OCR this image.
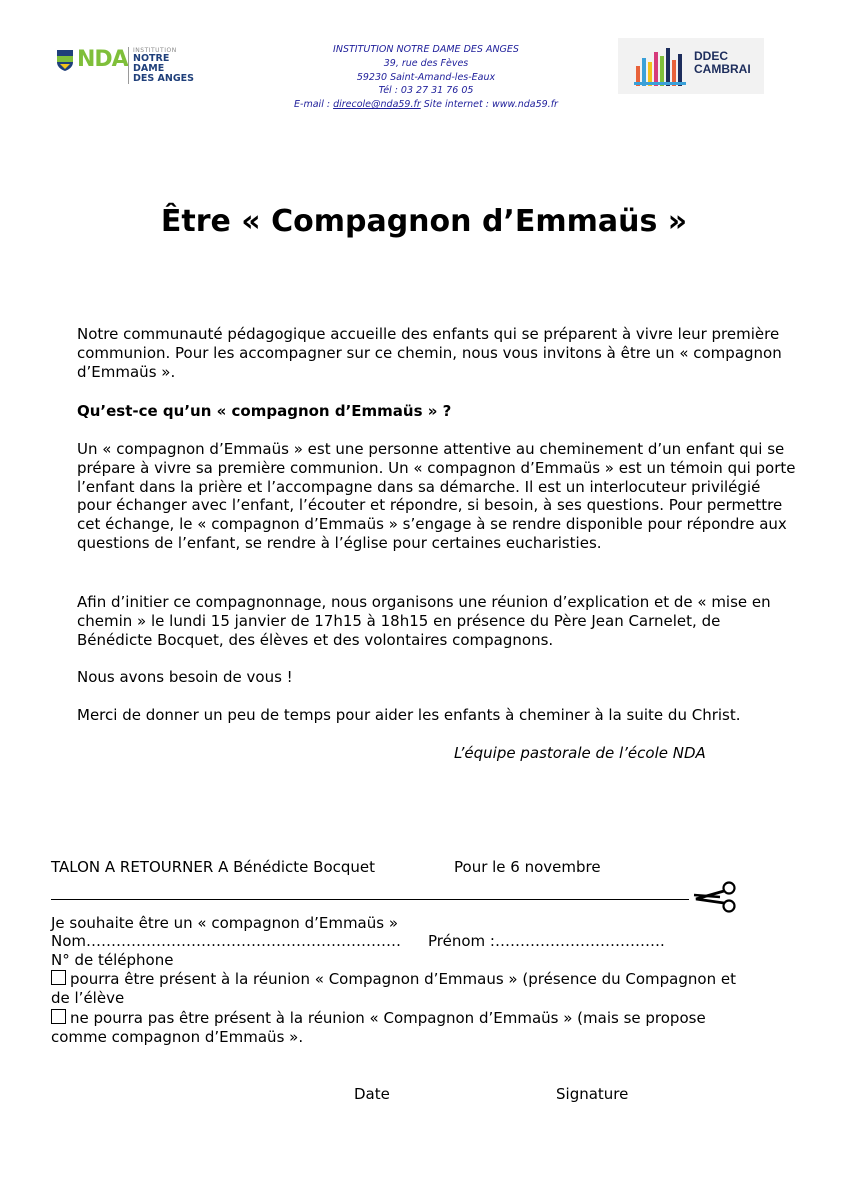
NDA INSTITUTION
NOTRE DAME
DES ANGES
INSTITUTION NOTRE DAME DES ANGES
39, rue des Fèves
59230 Saint-Amand-les-Eaux
Tél : 03 27 31 76 05
E-mail : direcole@nda59.fr Site internet : www.nda59.fr
DDEC
CAMBRAI
Être « Compagnon d’Emmaüs »
Notre communauté pédagogique accueille des enfants qui se préparent à vivre leur première communion. Pour les accompagner sur ce chemin, nous vous invitons à être un « compagnon d’Emmaüs ».
Qu’est-ce qu’un « compagnon d’Emmaüs » ?
Un « compagnon d’Emmaüs » est une personne attentive au cheminement d’un enfant qui se prépare à vivre sa première communion. Un « compagnon d’Emmaüs » est un témoin qui porte l’enfant dans la prière et l’accompagne dans sa démarche. Il est un interlocuteur privilégié pour échanger avec l’enfant, l’écouter et répondre, si besoin, à ses questions. Pour permettre cet échange, le « compagnon d’Emmaüs » s’engage à se rendre disponible pour répondre aux questions de l’enfant, se rendre à l’église pour certaines eucharisties.
Afin d’initier ce compagnonnage, nous organisons une réunion d’explication et de « mise en chemin » le lundi 15 janvier de 17h15 à 18h15 en présence du Père Jean Carnelet, de Bénédicte Bocquet, des élèves et des volontaires compagnons.
Nous avons besoin de vous !
Merci de donner un peu de temps pour aider les enfants à cheminer à la suite du Christ.
L’équipe pastorale de l’école NDA
TALON A RETOURNER A Bénédicte Bocquet	Pour le 6 novembre
Je souhaite être un « compagnon d’Emmaüs »
Nom……………………………………………………… Prénom :…………………………….
N° de téléphone
pourra être présent à la réunion « Compagnon d’Emmaus » (présence du Compagnon et
de l’élève
ne pourra pas être présent à la réunion « Compagnon d’Emmaüs » (mais se propose
comme compagnon d’Emmaüs ».
Date	Signature
